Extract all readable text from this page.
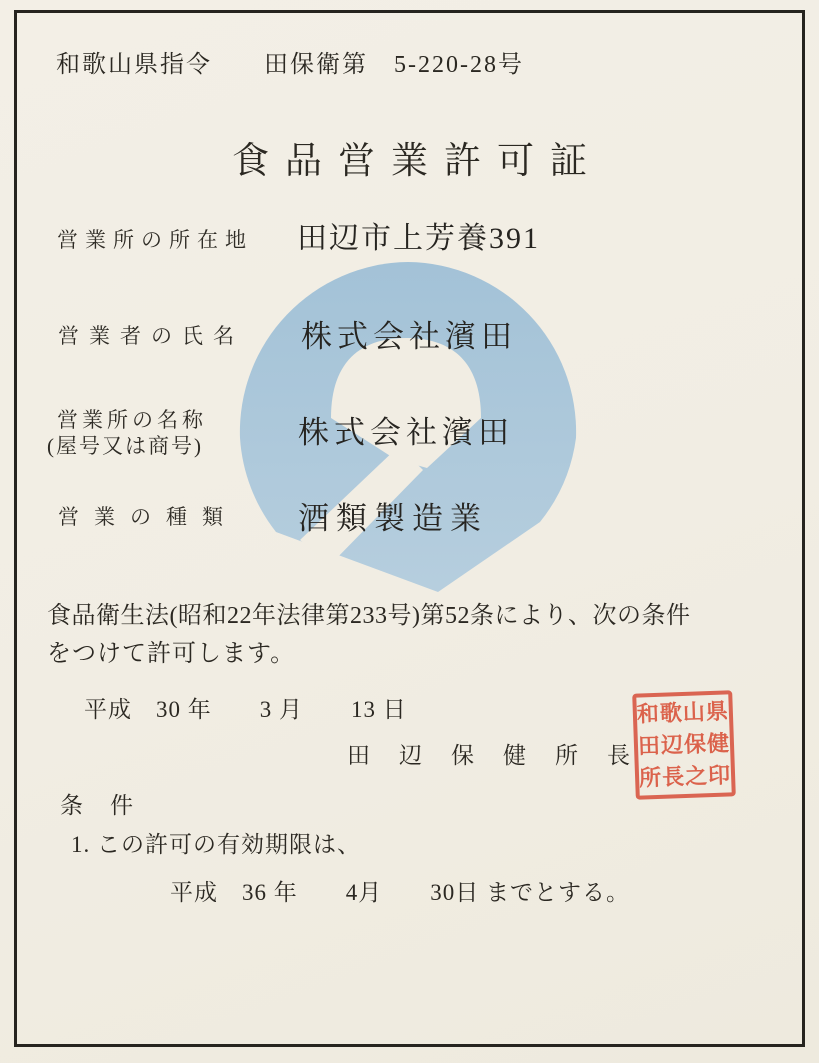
和歌山県指令　　田保衛第　5-220-28号
食品営業許可証
営業所の所在地 田辺市上芳養391
営業者の氏名 株式会社濱田
営業所の名称
(屋号又は商号)	株式会社濱田
営業の種類 酒類製造業
食品衛生法(昭和22年法律第233号)第52条により、次の条件
をつけて許可します。
平成　30 年　　3 月　　13 日
田辺保健所長
和歌山県
田辺保健
所長之印
条　件
1. この許可の有効期限は、
平成　36 年　　4月　　30日 までとする。
